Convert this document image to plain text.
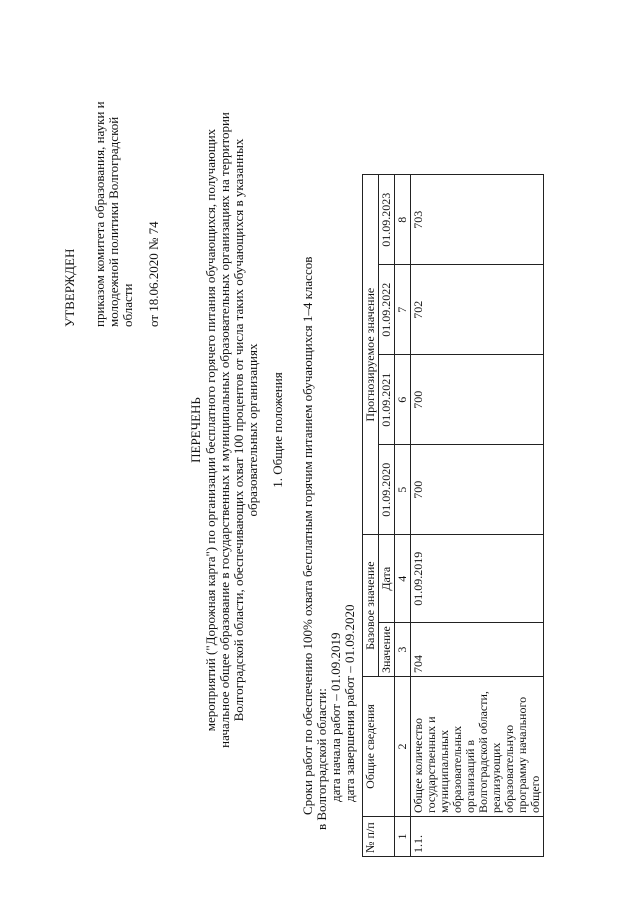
УТВЕРЖДЕН приказом комитета образования, науки и молодежной политики Волгоградской области от 18.06.2020 № 74
ПЕРЕЧЕНЬ мероприятий ("Дорожная карта") по организации бесплатного горячего питания обучающихся, получающих начальное общее образование в государственных и муниципальных образовательных организациях на территории Волгоградской области, обеспечивающих охват 100 процентов от числа таких обучающихся в указанных образовательных организациях 1. Общие положения Сроки работ по обеспечению 100% охвата бесплатным горячим питанием обучающихся 1–4 классов в Волгоградской области: дата начала работ – 01.09.2019 дата завершения работ – 01.09.2020
№ п/п	Общие сведения	Базовое значение		Прогнозируемое значение			
		Значение	Дата	01.09.2020	01.09.2021	01.09.2022	01.09.2023
1	2	3	4	5	6	7	8
1.1.	Общее количество государственных и муниципальных образовательных организаций в Волгоградской области, реализующих образовательную программу начального общего	704	01.09.2019	700	700	702	703
